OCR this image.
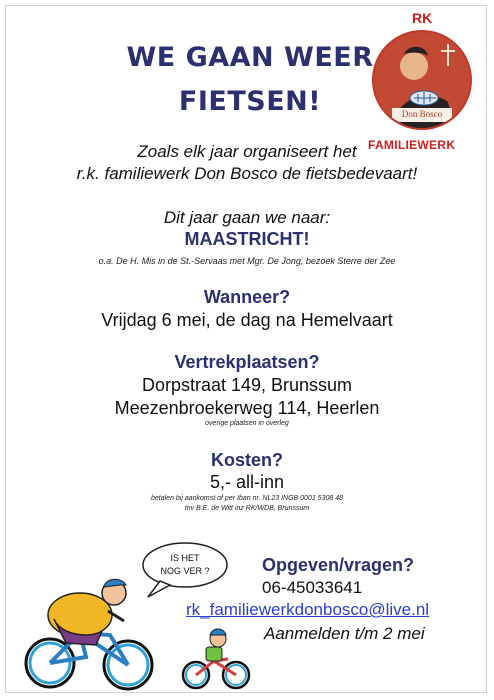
WE GAAN WEER
FIETSEN!
RK
Don Bosco
FAMILIEWERK
Zoals elk jaar organiseert het
r.k. familiewerk Don Bosco de fietsbedevaart!
Dit jaar gaan we naar:
MAASTRICHT!
o.a. De H. Mis in de St.-Servaas met Mgr. De Jong, bezoek Sterre der Zee
Wanneer?
Vrijdag 6 mei, de dag na Hemelvaart
Vertrekplaatsen?
Dorpstraat 149, Brunssum
Meezenbroekerweg 114, Heerlen
overige plaatsen in overleg
Kosten?
5,- all-inn
betalen bij aankomst of per Iban nr. NL23 INGB 0001 5308 48
tnv B.E. de Witt inz RK/WDB, Brunssum
IS HET
NOG VER ?	Opgeven/vragen?
06-45033641
rk_familiewerkdonbosco@live.nl
Aanmelden t/m 2 mei
